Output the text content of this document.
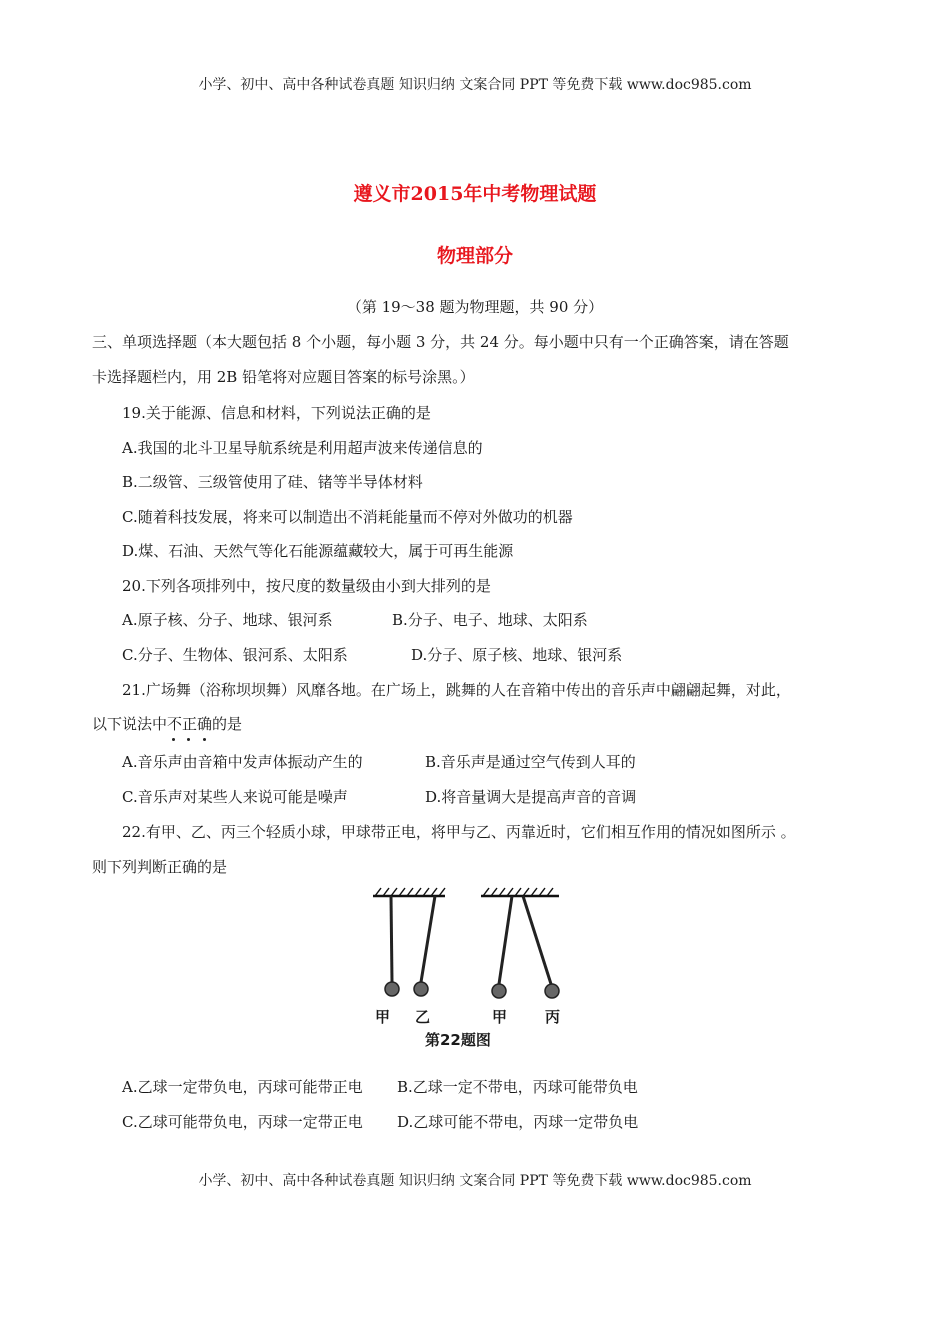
小学、初中、高中各种试卷真题 知识归纳 文案合同 PPT 等免费下载 www.doc985.com
遵义市2015年中考物理试题
物理部分
（第 19～38 题为物理题，共 90 分）
三、单项选择题（本大题包括 8 个小题，每小题 3 分，共 24 分。每小题中只有一个正确答案，请在答题
卡选择题栏内，用 2B 铅笔将对应题目答案的标号涂黑。）
19.关于能源、信息和材料，下列说法正确的是
A.我国的北斗卫星导航系统是利用超声波来传递信息的
B.二级管、三级管使用了硅、锗等半导体材料
C.随着科技发展，将来可以制造出不消耗能量而不停对外做功的机器
D.煤、石油、天然气等化石能源蕴藏较大，属于可再生能源
20.下列各项排列中，按尺度的数量级由小到大排列的是
A.原子核、分子、地球、银河系	B.分子、电子、地球、太阳系
C.分子、生物体、银河系、太阳系	D.分子、原子核、地球、银河系
21.广场舞（浴称坝坝舞）风靡各地。在广场上，跳舞的人在音箱中传出的音乐声中翩翩起舞，对此，
以下说法中不正确
的是
A.音乐声由音箱中发声体振动产生的	B.音乐声是通过空气传到人耳的
C.音乐声对某些人来说可能是噪声	D.将音量调大是提高声音的音调
22.有甲、乙、丙三个轻质小球，甲球带正电，将甲与乙、丙靠近时，它们相互作用的情况如图所示 。
则下列判断正确的是
甲 乙	甲	丙
第22题图
A.乙球一定带负电，丙球可能带正电 B.乙球一定不带电，丙球可能带负电
C.乙球可能带负电，丙球一定带正电 D.乙球可能不带电，丙球一定带负电
小学、初中、高中各种试卷真题 知识归纳 文案合同 PPT 等免费下载 www.doc985.com
